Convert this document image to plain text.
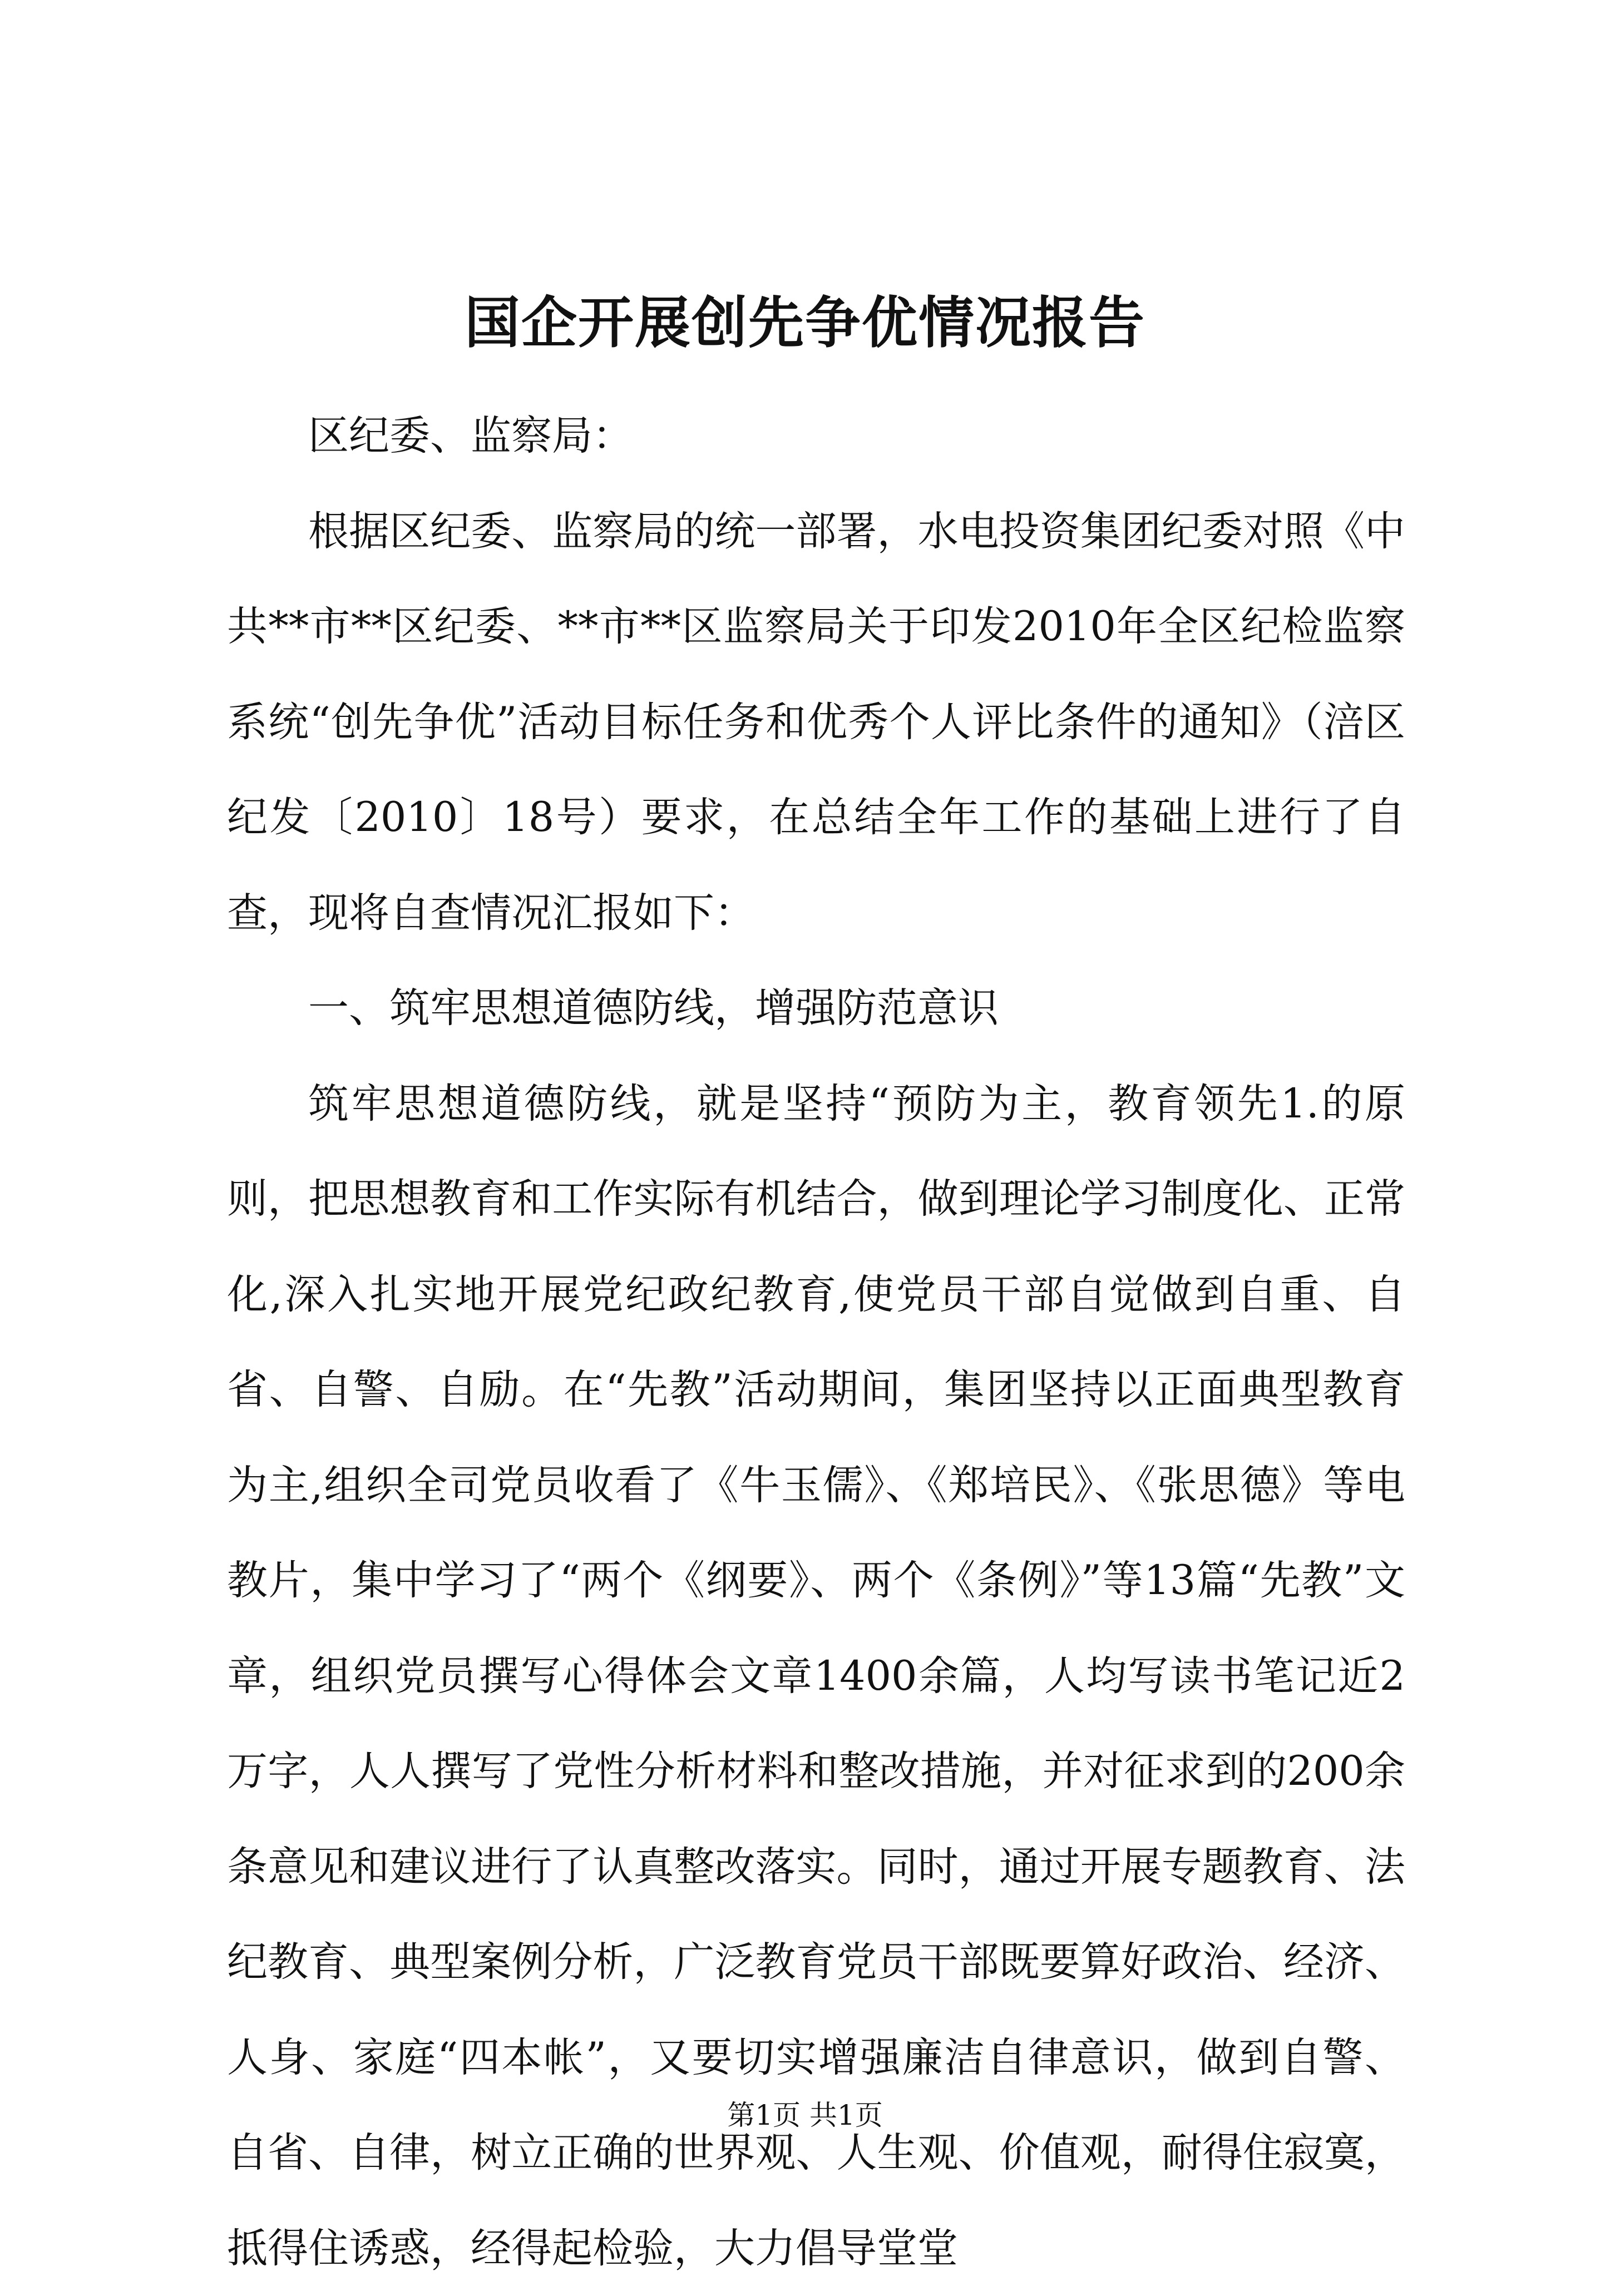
国企开展创先争优情况报告

区纪委、监察局：

根据区纪委、监察局的统一部署，水电投资集团纪委对照《中共**市**区纪委、**市**区监察局关于印发2010年全区纪检监察系统“创先争优”活动目标任务和优秀个人评比条件的通知》（涪区纪发〔2010〕18号）要求，在总结全年工作的基础上进行了自查，现将自查情况汇报如下：

一、筑牢思想道德防线，增强防范意识

筑牢思想道德防线，就是坚持“预防为主，教育领先1.的原则，把思想教育和工作实际有机结合，做到理论学习制度化、正常化,深入扎实地开展党纪政纪教育,使党员干部自觉做到自重、自省、自警、自励。在“先教”活动期间，集团坚持以正面典型教育为主,组织全司党员收看了《牛玉儒》、《郑培民》、《张思德》等电教片，集中学习了“两个《纲要》、两个《条例》”等13篇“先教”文章，组织党员撰写心得体会文章1400余篇，人均写读书笔记近2万字，人人撰写了党性分析材料和整改措施，并对征求到的200余条意见和建议进行了认真整改落实。同时，通过开展专题教育、法纪教育、典型案例分析，广泛教育党员干部既要算好政治、经济、人身、家庭“四本帐”，又要切实增强廉洁自律意识，做到自警、自省、自律，树立正确的世界观、人生观、价值观，耐得住寂寞，抵得住诱惑，经得起检验，大力倡导堂堂

第1页 共1页
